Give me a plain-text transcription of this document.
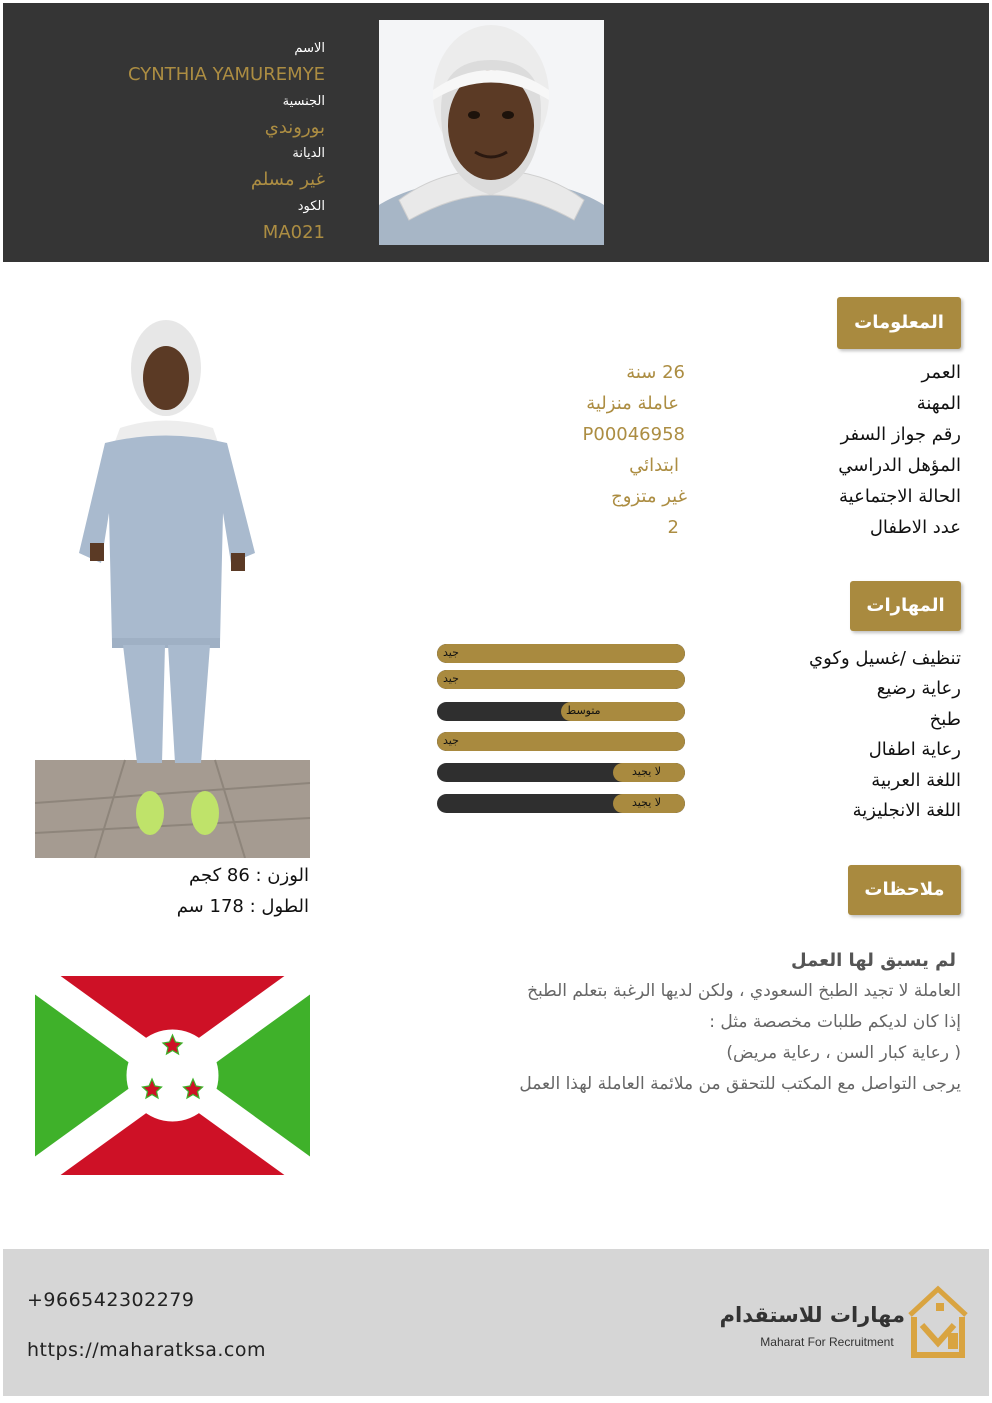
الاسم
CYNTHIA YAMUREMYE
الجنسية
بوروندي
الديانة
غير مسلم
الكود
MA021
الوزن : 86 كجم
الطول : 178 سم
المعلومات
العمر
26 سنة
المهنة
عاملة منزلية
رقم جواز السفر
P00046958
المؤهل الدراسي
ابتدائي
الحالة الاجتماعية
غير متزوج
عدد الاطفال
2
المهارات
تنظيف /غسيل وكوي
رعاية رضيع
طبخ
رعاية اطفال
اللغة العربية
اللغة الانجليزية
جيد
جيد
متوسط
جيد
لا يجيد
لا يجيد
ملاحظات
لم يسبق لها العمل
العاملة لا تجيد الطبخ السعودي ، ولكن لديها الرغبة بتعلم الطبخ
إذا كان لديكم طلبات مخصصة مثل :
( رعاية كبار السن ، رعاية مريض)
يرجى التواصل مع المكتب للتحقق من ملائمة العاملة لهذا العمل
+966542302279
https://maharatksa.com
مهارات للاستقدام
Maharat For Recruitment
